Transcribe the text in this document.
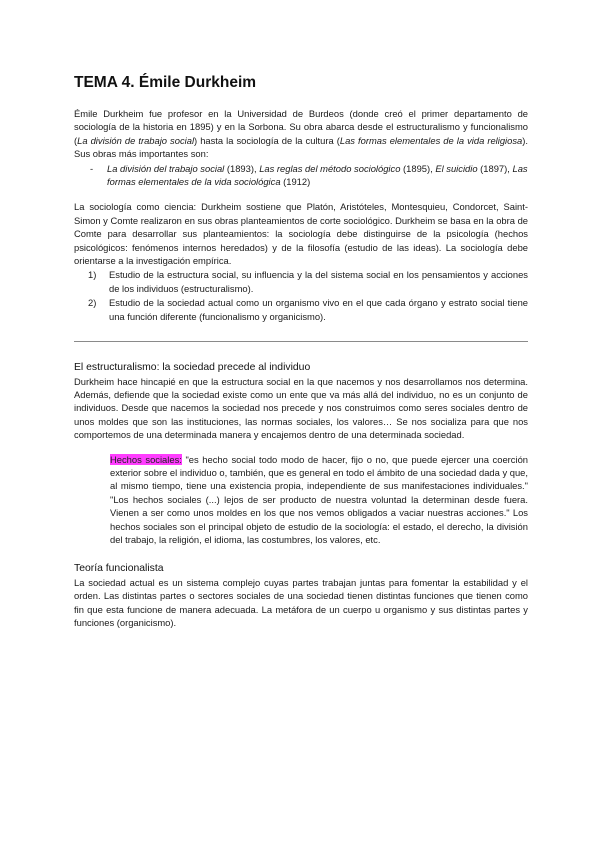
TEMA 4. Émile Durkheim

Émile Durkheim fue profesor en la Universidad de Burdeos (donde creó el primer departamento de sociología de la historia en 1895) y en la Sorbona. Su obra abarca desde el estructuralismo y funcionalismo (La división de trabajo social) hasta la sociología de la cultura (Las formas elementales de la vida religiosa). Sus obras más importantes son:

- La división del trabajo social (1893), Las reglas del método sociológico (1895), El suicidio (1897), Las formas elementales de la vida sociológica (1912)

La sociología como ciencia: Durkheim sostiene que Platón, Aristóteles, Montesquieu, Condorcet, Saint-Simon y Comte realizaron en sus obras planteamientos de corte sociológico. Durkheim se basa en la obra de Comte para desarrollar sus planteamientos: la sociología debe distinguirse de la psicología (hechos psicológicos: fenómenos internos heredados) y de la filosofía (estudio de las ideas). La sociología debe orientarse a la investigación empírica.

1) Estudio de la estructura social, su influencia y la del sistema social en los pensamientos y acciones de los individuos (estructuralismo).
2) Estudio de la sociedad actual como un organismo vivo en el que cada órgano y estrato social tiene una función diferente (funcionalismo y organicismo).

El estructuralismo: la sociedad precede al individuo

Durkheim hace hincapié en que la estructura social en la que nacemos y nos desarrollamos nos determina. Además, defiende que la sociedad existe como un ente que va más allá del individuo, no es un conjunto de individuos. Desde que nacemos la sociedad nos precede y nos construimos como seres sociales dentro de unos moldes que son las instituciones, las normas sociales, los valores… Se nos socializa para que nos comportemos de una determinada manera y encajemos dentro de una determinada sociedad.

Hechos sociales: "es hecho social todo modo de hacer, fijo o no, que puede ejercer una coerción exterior sobre el individuo o, también, que es general en todo el ámbito de una sociedad dada y que, al mismo tiempo, tiene una existencia propia, independiente de sus manifestaciones individuales." "Los hechos sociales (...) lejos de ser producto de nuestra voluntad la determinan desde fuera. Vienen a ser como unos moldes en los que nos vemos obligados a vaciar nuestras acciones." Los hechos sociales son el principal objeto de estudio de la sociología: el estado, el derecho, la división del trabajo, la religión, el idioma, las costumbres, los valores, etc.

Teoría funcionalista

La sociedad actual es un sistema complejo cuyas partes trabajan juntas para fomentar la estabilidad y el orden. Las distintas partes o sectores sociales de una sociedad tienen distintas funciones que tienen como fin que esta funcione de manera adecuada. La metáfora de un cuerpo u organismo y sus distintas partes y funciones (organicismo).
